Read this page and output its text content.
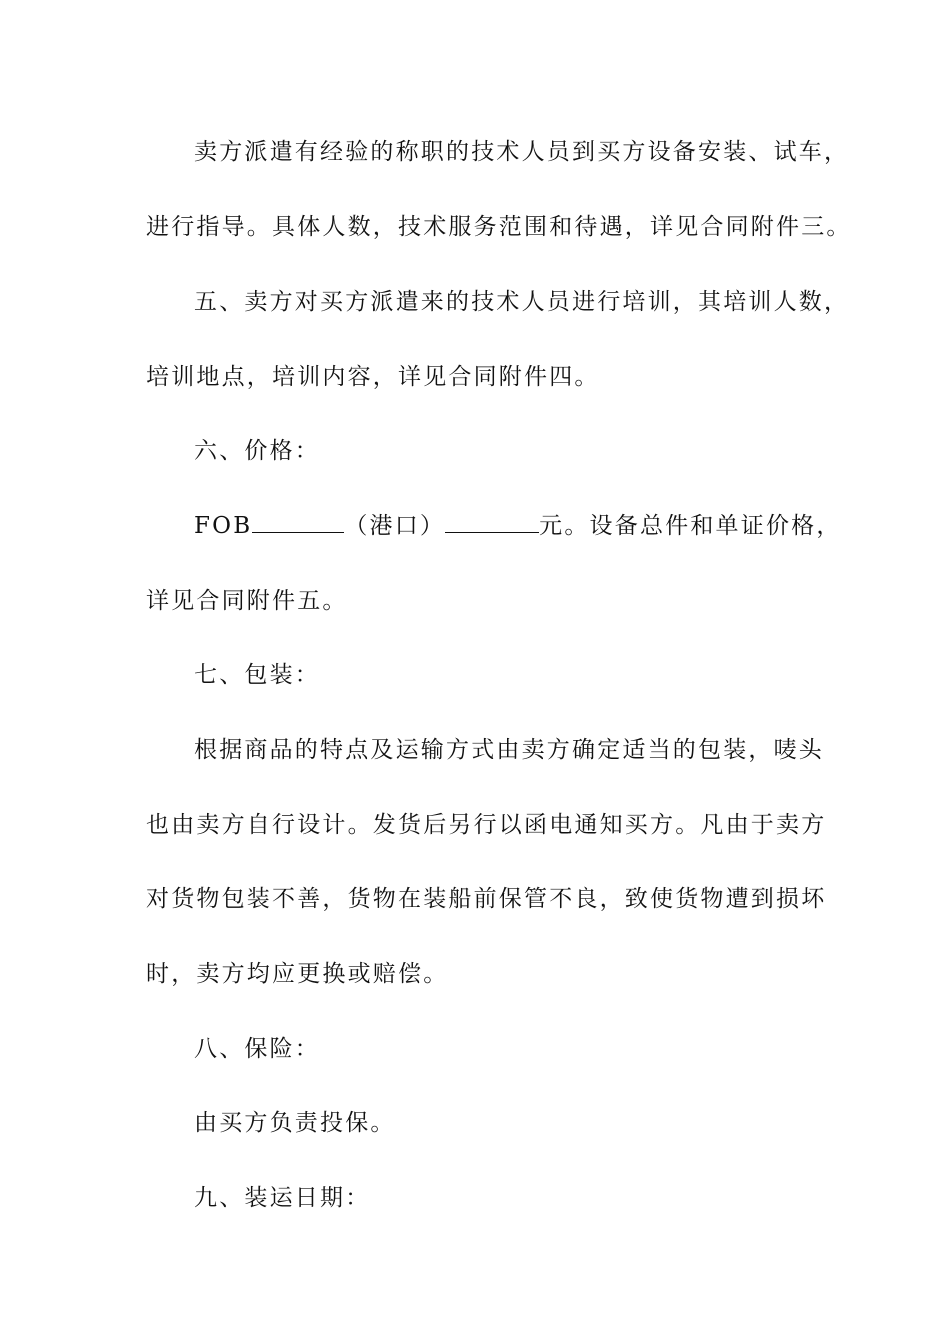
卖方派遣有经验的称职的技术人员到买方设备安装、试车，
进行指导。具体人数，技术服务范围和待遇，详见合同附件三。
五、卖方对买方派遣来的技术人员进行培训，其培训人数，
培训地点，培训内容，详见合同附件四。
六、价格：
FOB	（港口）	元。设备总件和单证价格，
详见合同附件五。
七、包装：
根据商品的特点及运输方式由卖方确定适当的包装，唛头
也由卖方自行设计。发货后另行以函电通知买方。凡由于卖方
对货物包装不善，货物在装船前保管不良，致使货物遭到损坏
时，卖方均应更换或赔偿。
八、保险：
由买方负责投保。
九、装运日期：
